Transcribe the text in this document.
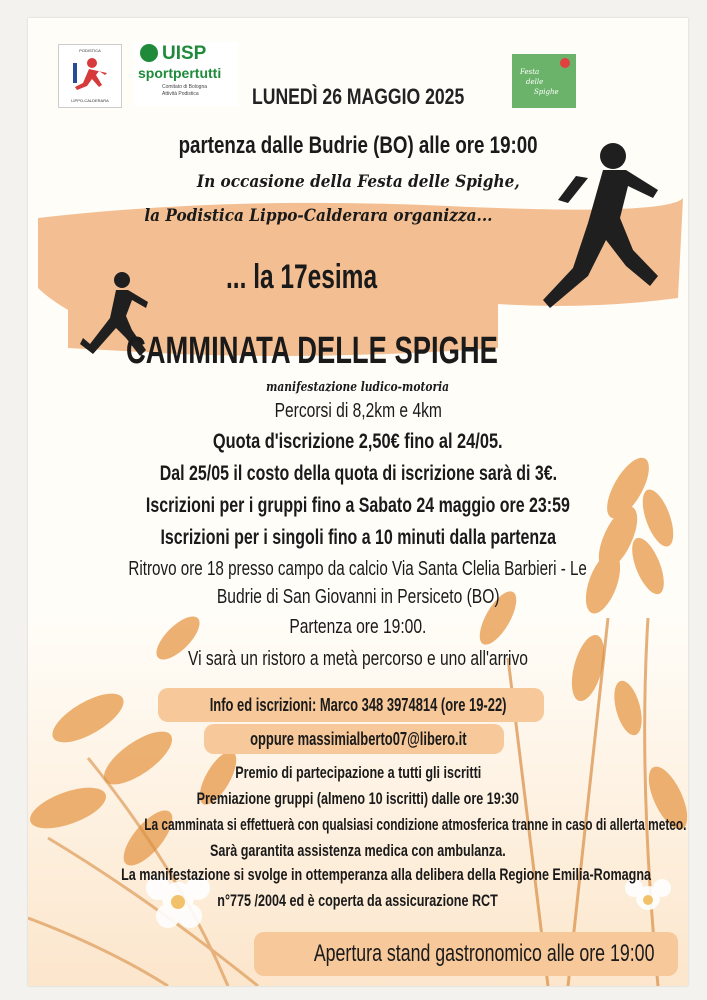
PODISTICA
LIPPO-CALDERARA
UISP
sportpertutti
Comitato di Bologna
Attività Podistica
Festa
delle
Spighe
LUNEDÌ 26 MAGGIO 2025
partenza dalle Budrie (BO) alle ore 19:00
In occasione della Festa delle Spighe,
la Podistica Lippo-Calderara organizza...
... la 17esima
CAMMINATA DELLE SPIGHE
manifestazione ludico-motoria
Percorsi di 8,2km e 4km
Quota d'iscrizione 2,50€ fino al 24/05.
Dal 25/05 il costo della quota di iscrizione sarà di 3€.
Iscrizioni per i gruppi fino a Sabato 24 maggio ore 23:59
Iscrizioni per i singoli fino a 10 minuti dalla partenza
Ritrovo ore 18 presso campo da calcio Via Santa Clelia Barbieri - Le
Budrie di San Giovanni in Persiceto (BO)
Partenza ore 19:00.
Vi sarà un ristoro a metà percorso e uno all'arrivo
Info ed iscrizioni: Marco 348 3974814 (ore 19-22)
oppure massimialberto07@libero.it
Premio di partecipazione a tutti gli iscritti
Premiazione gruppi (almeno 10 iscritti) dalle ore 19:30
La camminata si effettuerà con qualsiasi condizione atmosferica tranne in caso di allerta meteo.
Sarà garantita assistenza medica con ambulanza.
La manifestazione si svolge in ottemperanza alla delibera della Regione Emilia-Romagna
n°775 /2004 ed è coperta da assicurazione RCT
Apertura stand gastronomico alle ore 19:00
